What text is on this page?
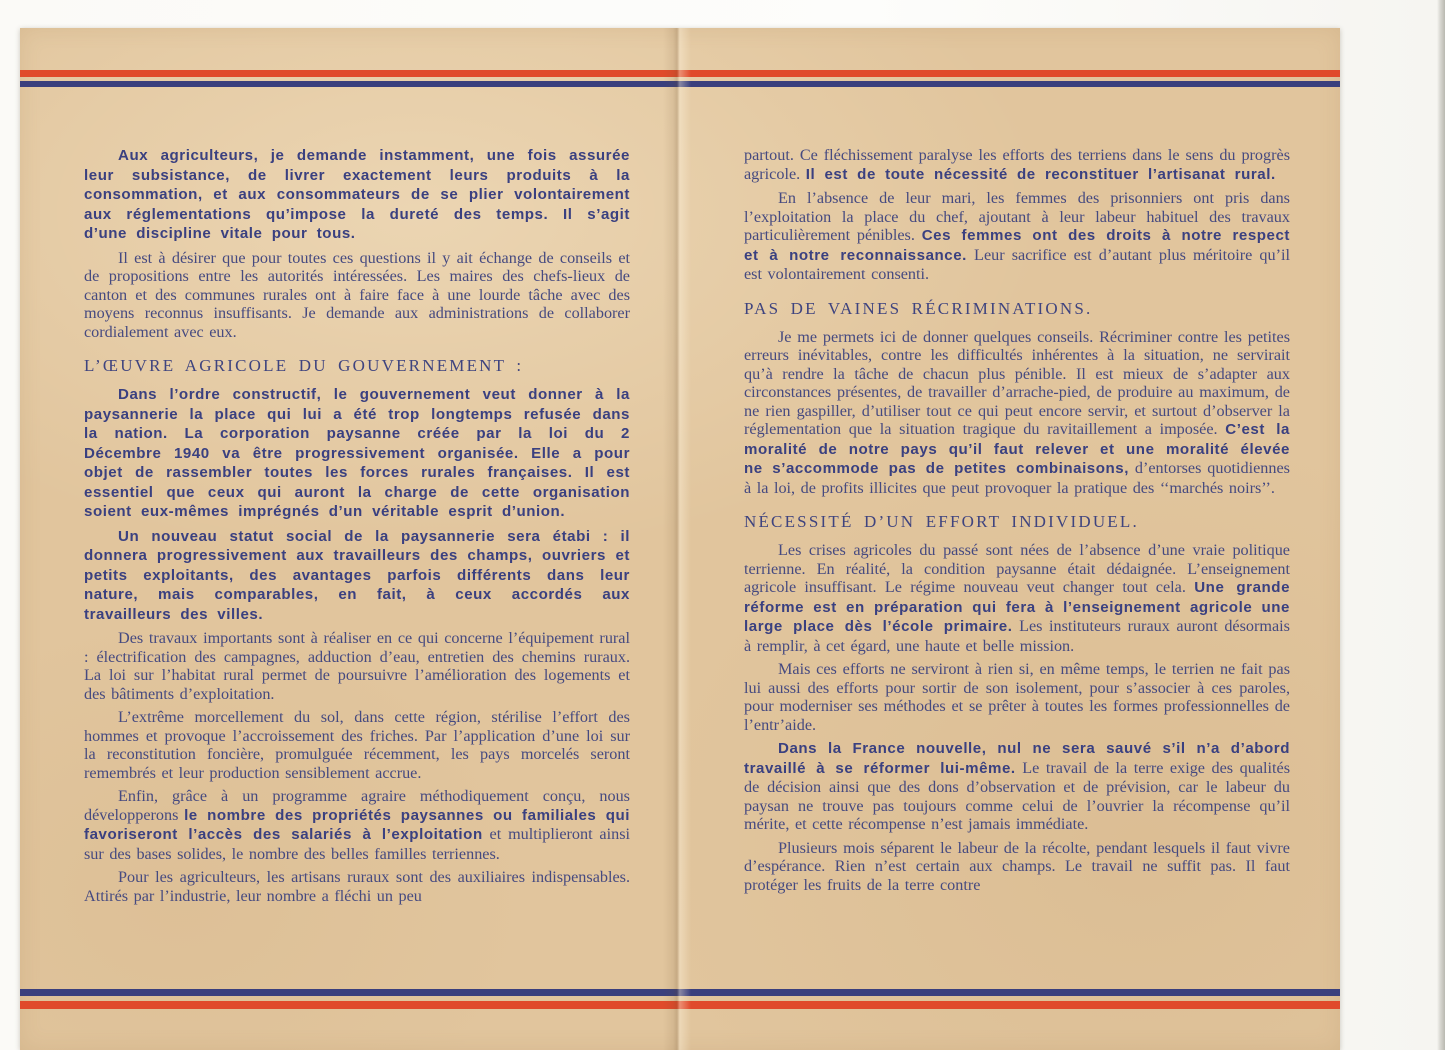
Aux agriculteurs, je demande instamment, une fois assurée leur subsistance, de livrer exactement leurs produits à la consommation, et aux consommateurs de se plier volontairement aux réglementations qu’impose la dureté des temps. Il s’agit d’une discipline vitale pour tous.

Il est à désirer que pour toutes ces questions il y ait échange de conseils et de propositions entre les autorités intéressées. Les maires des chefs-lieux de canton et des communes rurales ont à faire face à une lourde tâche avec des moyens reconnus insuffisants. Je demande aux administrations de collaborer cordialement avec eux.

L’ŒUVRE AGRICOLE DU GOUVERNEMENT :

Dans l’ordre constructif, le gouvernement veut donner à la paysannerie la place qui lui a été trop longtemps refusée dans la nation. La corporation paysanne créée par la loi du 2 Décembre 1940 va être progressivement organisée. Elle a pour objet de rassembler toutes les forces rurales françaises. Il est essentiel que ceux qui auront la charge de cette organisation soient eux-mêmes imprégnés d’un véritable esprit d’union.

Un nouveau statut social de la paysannerie sera étabi : il donnera progressivement aux travailleurs des champs, ouvriers et petits exploitants, des avantages parfois différents dans leur nature, mais comparables, en fait, à ceux accordés aux travailleurs des villes.

Des travaux importants sont à réaliser en ce qui concerne l’équipement rural : électrification des campagnes, adduction d’eau, entretien des chemins ruraux. La loi sur l’habitat rural permet de poursuivre l’amélioration des logements et des bâtiments d’exploitation.

L’extrême morcellement du sol, dans cette région, stérilise l’effort des hommes et provoque l’accroissement des friches. Par l’application d’une loi sur la reconstitution foncière, promulguée récemment, les pays morcelés seront remembrés et leur production sensiblement accrue.

Enfin, grâce à un programme agraire méthodiquement conçu, nous développerons le nombre des propriétés paysannes ou familiales qui favoriseront l’accès des salariés à l’exploitation et multiplieront ainsi sur des bases solides, le nombre des belles familles terriennes.

Pour les agriculteurs, les artisans ruraux sont des auxiliaires indispensables. Attirés par l’industrie, leur nombre a fléchi un peu

partout. Ce fléchissement paralyse les efforts des terriens dans le sens du progrès agricole. Il est de toute nécessité de reconstituer l’artisanat rural.

En l’absence de leur mari, les femmes des prisonniers ont pris dans l’exploitation la place du chef, ajoutant à leur labeur habituel des travaux particulièrement pénibles. Ces femmes ont des droits à notre respect et à notre reconnaissance. Leur sacrifice est d’autant plus méritoire qu’il est volontairement consenti.

PAS DE VAINES RÉCRIMINATIONS.

Je me permets ici de donner quelques conseils. Récriminer contre les petites erreurs inévitables, contre les difficultés inhérentes à la situation, ne servirait qu’à rendre la tâche de chacun plus pénible. Il est mieux de s’adapter aux circonstances présentes, de travailler d’arrache-pied, de produire au maximum, de ne rien gaspiller, d’utiliser tout ce qui peut encore servir, et surtout d’observer la réglementation que la situation tragique du ravitaillement a imposée. C’est la moralité de notre pays qu’il faut relever et une moralité élevée ne s’accommode pas de petites combinaisons, d’entorses quotidiennes à la loi, de profits illicites que peut provoquer la pratique des ‘‘marchés noirs’’.

NÉCESSITÉ D’UN EFFORT INDIVIDUEL.

Les crises agricoles du passé sont nées de l’absence d’une vraie politique terrienne. En réalité, la condition paysanne était dédaignée. L’enseignement agricole insuffisant. Le régime nouveau veut changer tout cela. Une grande réforme est en préparation qui fera à l’enseignement agricole une large place dès l’école primaire. Les instituteurs ruraux auront désormais à remplir, à cet égard, une haute et belle mission.

Mais ces efforts ne serviront à rien si, en même temps, le terrien ne fait pas lui aussi des efforts pour sortir de son isolement, pour s’associer à ces paroles, pour moderniser ses méthodes et se prêter à toutes les formes professionnelles de l’entr’aide.

Dans la France nouvelle, nul ne sera sauvé s’il n’a d’abord travaillé à se réformer lui-même. Le travail de la terre exige des qualités de décision ainsi que des dons d’observation et de prévision, car le labeur du paysan ne trouve pas toujours comme celui de l’ouvrier la récompense qu’il mérite, et cette récompense n’est jamais immédiate.

Plusieurs mois séparent le labeur de la récolte, pendant lesquels il faut vivre d’espérance. Rien n’est certain aux champs. Le travail ne suffit pas. Il faut protéger les fruits de la terre contre
